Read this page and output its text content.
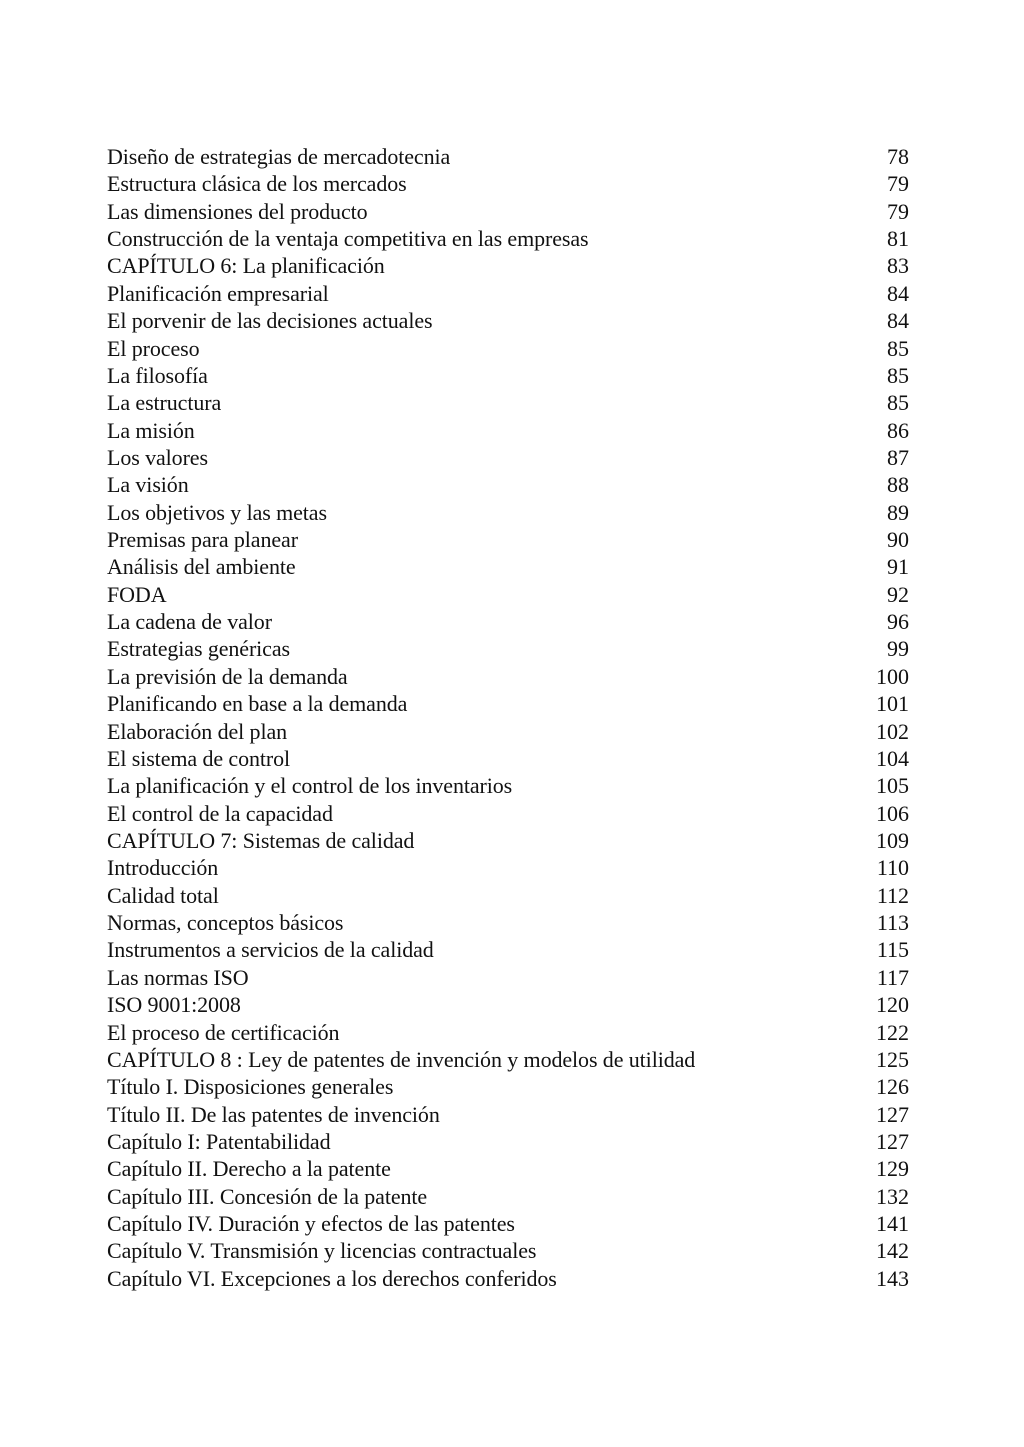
Diseño de estrategias de mercadotecnia	78
Estructura clásica de los mercados	79
Las dimensiones del producto	79
Construcción de la ventaja competitiva en las empresas	81
CAPÍTULO 6: La planificación	83
Planificación empresarial	84
El porvenir de las decisiones actuales	84
El proceso	85
La filosofía	85
La estructura	85
La misión	86
Los valores	87
La visión	88
Los objetivos y las metas	89
Premisas para planear	90
Análisis del ambiente	91
FODA	92
La cadena de valor	96
Estrategias genéricas	99
La previsión de la demanda	100
Planificando en base a la demanda	101
Elaboración del plan	102
El sistema de control	104
La planificación y el control de los inventarios	105
El control de la capacidad	106
CAPÍTULO 7: Sistemas de calidad	109
Introducción	110
Calidad total	112
Normas, conceptos básicos	113
Instrumentos a servicios de la calidad	115
Las normas ISO	117
ISO 9001:2008	120
El proceso de certificación	122
CAPÍTULO 8 : Ley de patentes de invención y modelos de utilidad	125
Título I. Disposiciones generales	126
Título II. De las patentes de invención	127
Capítulo I: Patentabilidad	127
Capítulo II. Derecho a la patente	129
Capítulo III. Concesión de la patente	132
Capítulo IV. Duración y efectos de las patentes	141
Capítulo V. Transmisión y licencias contractuales	142
Capítulo VI. Excepciones a los derechos conferidos	143
